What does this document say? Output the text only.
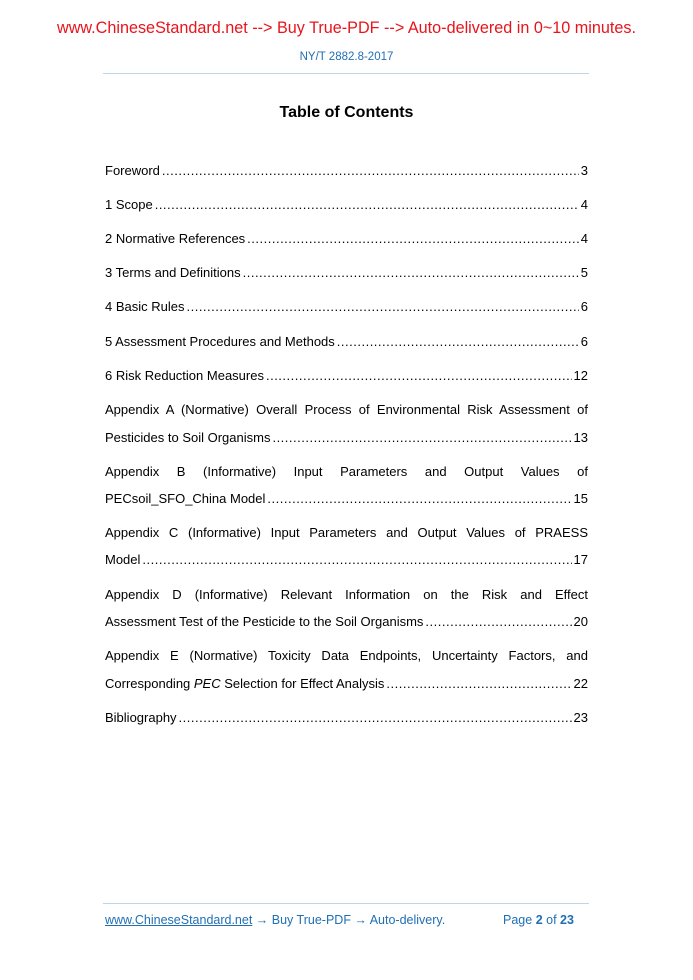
www.ChineseStandard.net --> Buy True-PDF --> Auto-delivered in 0~10 minutes.
NY/T 2882.8-2017
Table of Contents
Foreword .....	3
1 Scope .....	4
2 Normative References .....	4
3 Terms and Definitions .....	5
4 Basic Rules .....	6
5 Assessment Procedures and Methods .....	6
6 Risk Reduction Measures .....	12
Appendix A (Normative) Overall Process of Environmental Risk Assessment of
Pesticides to Soil Organisms .....	13
Appendix B (Informative) Input Parameters and Output Values of
PECsoil_SFO_China Model .....	15
Appendix C (Informative) Input Parameters and Output Values of PRAESS
Model .....	17
Appendix D (Informative) Relevant Information on the Risk and Effect
Assessment Test of the Pesticide to the Soil Organisms .....	20
Appendix E (Normative) Toxicity Data Endpoints, Uncertainty Factors, and
Corresponding PEC Selection for Effect Analysis .....	22
Bibliography .....	23
www.ChineseStandard.net → Buy True-PDF → Auto-delivery.	Page 2 of 23
